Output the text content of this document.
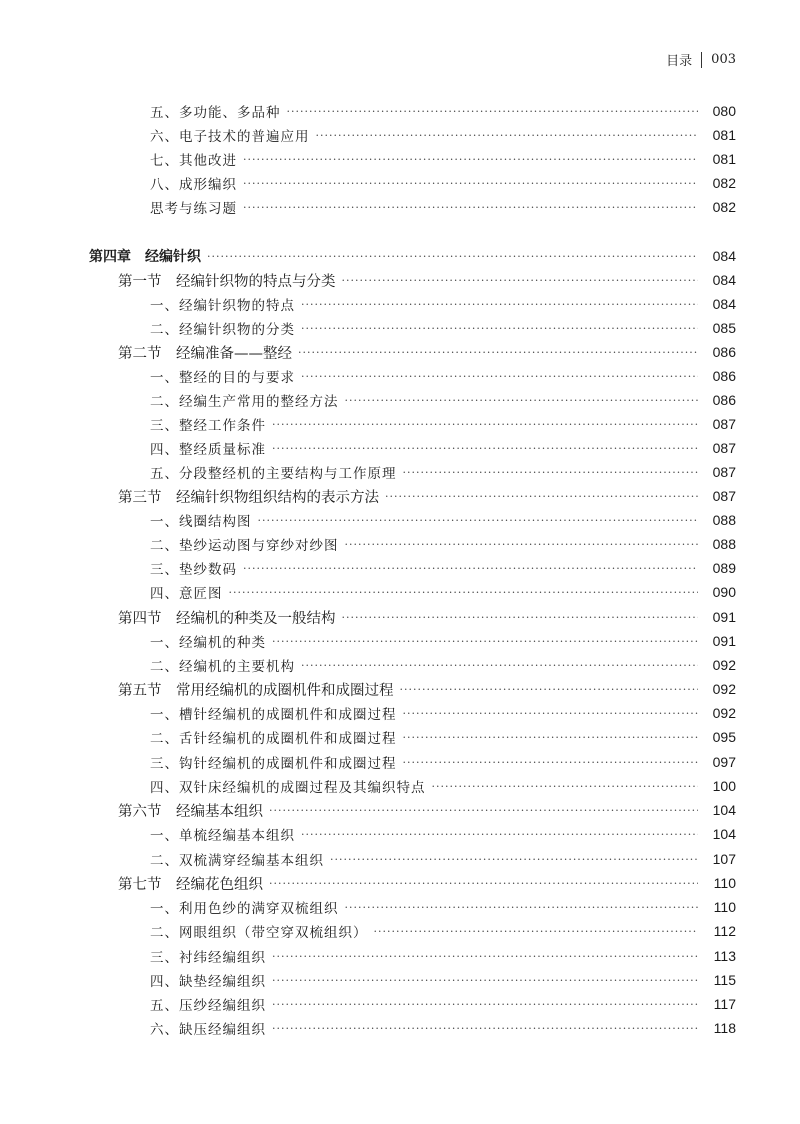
目录 003
五、多功能、多品种 ·····	080
六、电子技术的普遍应用 ·····	081
七、其他改进 ·····	081
八、成形编织 ·····	082
思考与练习题 ·····	082
第四章　经编针织 ·····	084
第一节　经编针织物的特点与分类 ·····	084
一、经编针织物的特点 ·····	084
二、经编针织物的分类 ·····	085
第二节　经编准备——整经 ·····	086
一、整经的目的与要求 ·····	086
二、经编生产常用的整经方法 ·····	086
三、整经工作条件 ·····	087
四、整经质量标准 ·····	087
五、分段整经机的主要结构与工作原理 ·····	087
第三节　经编针织物组织结构的表示方法 ·····	087
一、线圈结构图 ·····	088
二、垫纱运动图与穿纱对纱图 ·····	088
三、垫纱数码 ·····	089
四、意匠图 ·····	090
第四节　经编机的种类及一般结构 ·····	091
一、经编机的种类 ·····	091
二、经编机的主要机构 ·····	092
第五节　常用经编机的成圈机件和成圈过程 ·····	092
一、槽针经编机的成圈机件和成圈过程 ·····	092
二、舌针经编机的成圈机件和成圈过程 ·····	095
三、钩针经编机的成圈机件和成圈过程 ·····	097
四、双针床经编机的成圈过程及其编织特点 ·····	100
第六节　经编基本组织 ·····	104
一、单梳经编基本组织 ·····	104
二、双梳满穿经编基本组织 ·····	107
第七节　经编花色组织 ·····	110
一、利用色纱的满穿双梳组织 ·····	110
二、网眼组织（带空穿双梳组织） ·····	112
三、衬纬经编组织 ·····	113
四、缺垫经编组织 ·····	115
五、压纱经编组织 ·····	117
六、缺压经编组织 ·····	118
